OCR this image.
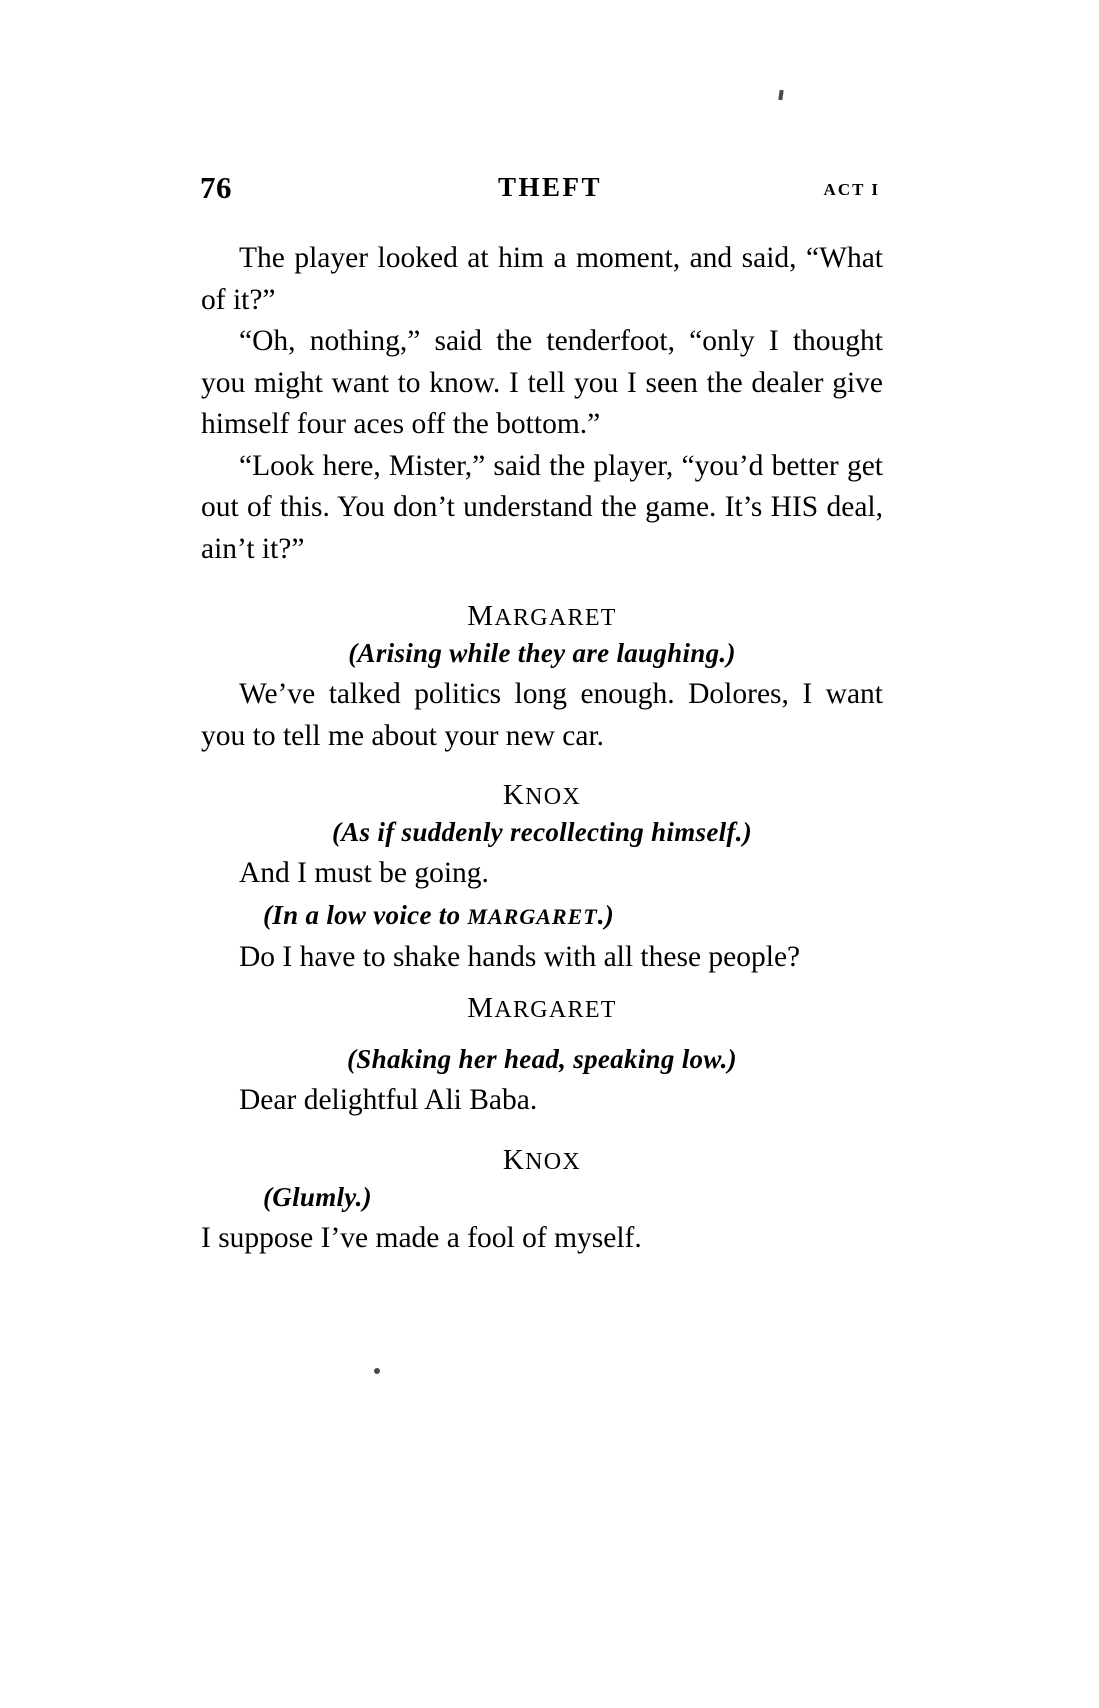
76	THEFT	ACT I

The player looked at him a moment, and said, “What of it?”

“Oh, nothing,” said the tenderfoot, “only I thought you might want to know. I tell you I seen the dealer give himself four aces off the bottom.”

“Look here, Mister,” said the player, “you’d better get out of this. You don’t understand the game. It’s HIS deal, ain’t it?”

MARGARET

(Arising while they are laughing.)

We’ve talked politics long enough. Dolores, I want you to tell me about your new car.

KNOX

(As if suddenly recollecting himself.)

And I must be going.

(In a low voice to MARGARET.)

Do I have to shake hands with all these people?

MARGARET

(Shaking her head, speaking low.)

Dear delightful Ali Baba.

KNOX

(Glumly.)

I suppose I’ve made a fool of myself.
